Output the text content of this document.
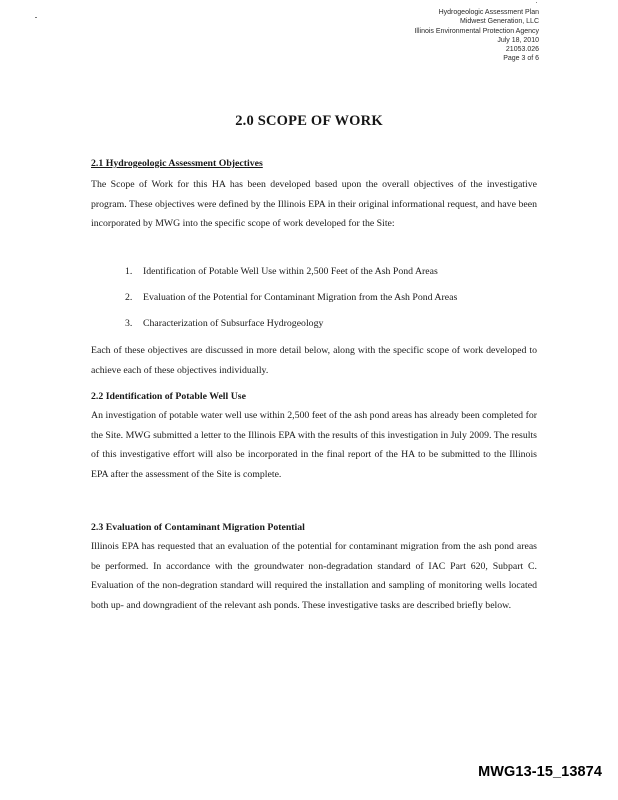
Hydrogeologic Assessment Plan
Midwest Generation, LLC
Illinois Environmental Protection Agency
July 18, 2010
21053.026
Page 3 of 6
2.0 SCOPE OF WORK
2.1 Hydrogeologic Assessment Objectives
The Scope of Work for this HA has been developed based upon the overall objectives of the investigative program. These objectives were defined by the Illinois EPA in their original informational request, and have been incorporated by MWG into the specific scope of work developed for the Site:
1. Identification of Potable Well Use within 2,500 Feet of the Ash Pond Areas
2. Evaluation of the Potential for Contaminant Migration from the Ash Pond Areas
3. Characterization of Subsurface Hydrogeology
Each of these objectives are discussed in more detail below, along with the specific scope of work developed to achieve each of these objectives individually.
2.2 Identification of Potable Well Use
An investigation of potable water well use within 2,500 feet of the ash pond areas has already been completed for the Site. MWG submitted a letter to the Illinois EPA with the results of this investigation in July 2009. The results of this investigative effort will also be incorporated in the final report of the HA to be submitted to the Illinois EPA after the assessment of the Site is complete.
2.3 Evaluation of Contaminant Migration Potential
Illinois EPA has requested that an evaluation of the potential for contaminant migration from the ash pond areas be performed. In accordance with the groundwater non-degradation standard of IAC Part 620, Subpart C. Evaluation of the non-degration standard will required the installation and sampling of monitoring wells located both up- and downgradient of the relevant ash ponds. These investigative tasks are described briefly below.
MWG13-15_13874
